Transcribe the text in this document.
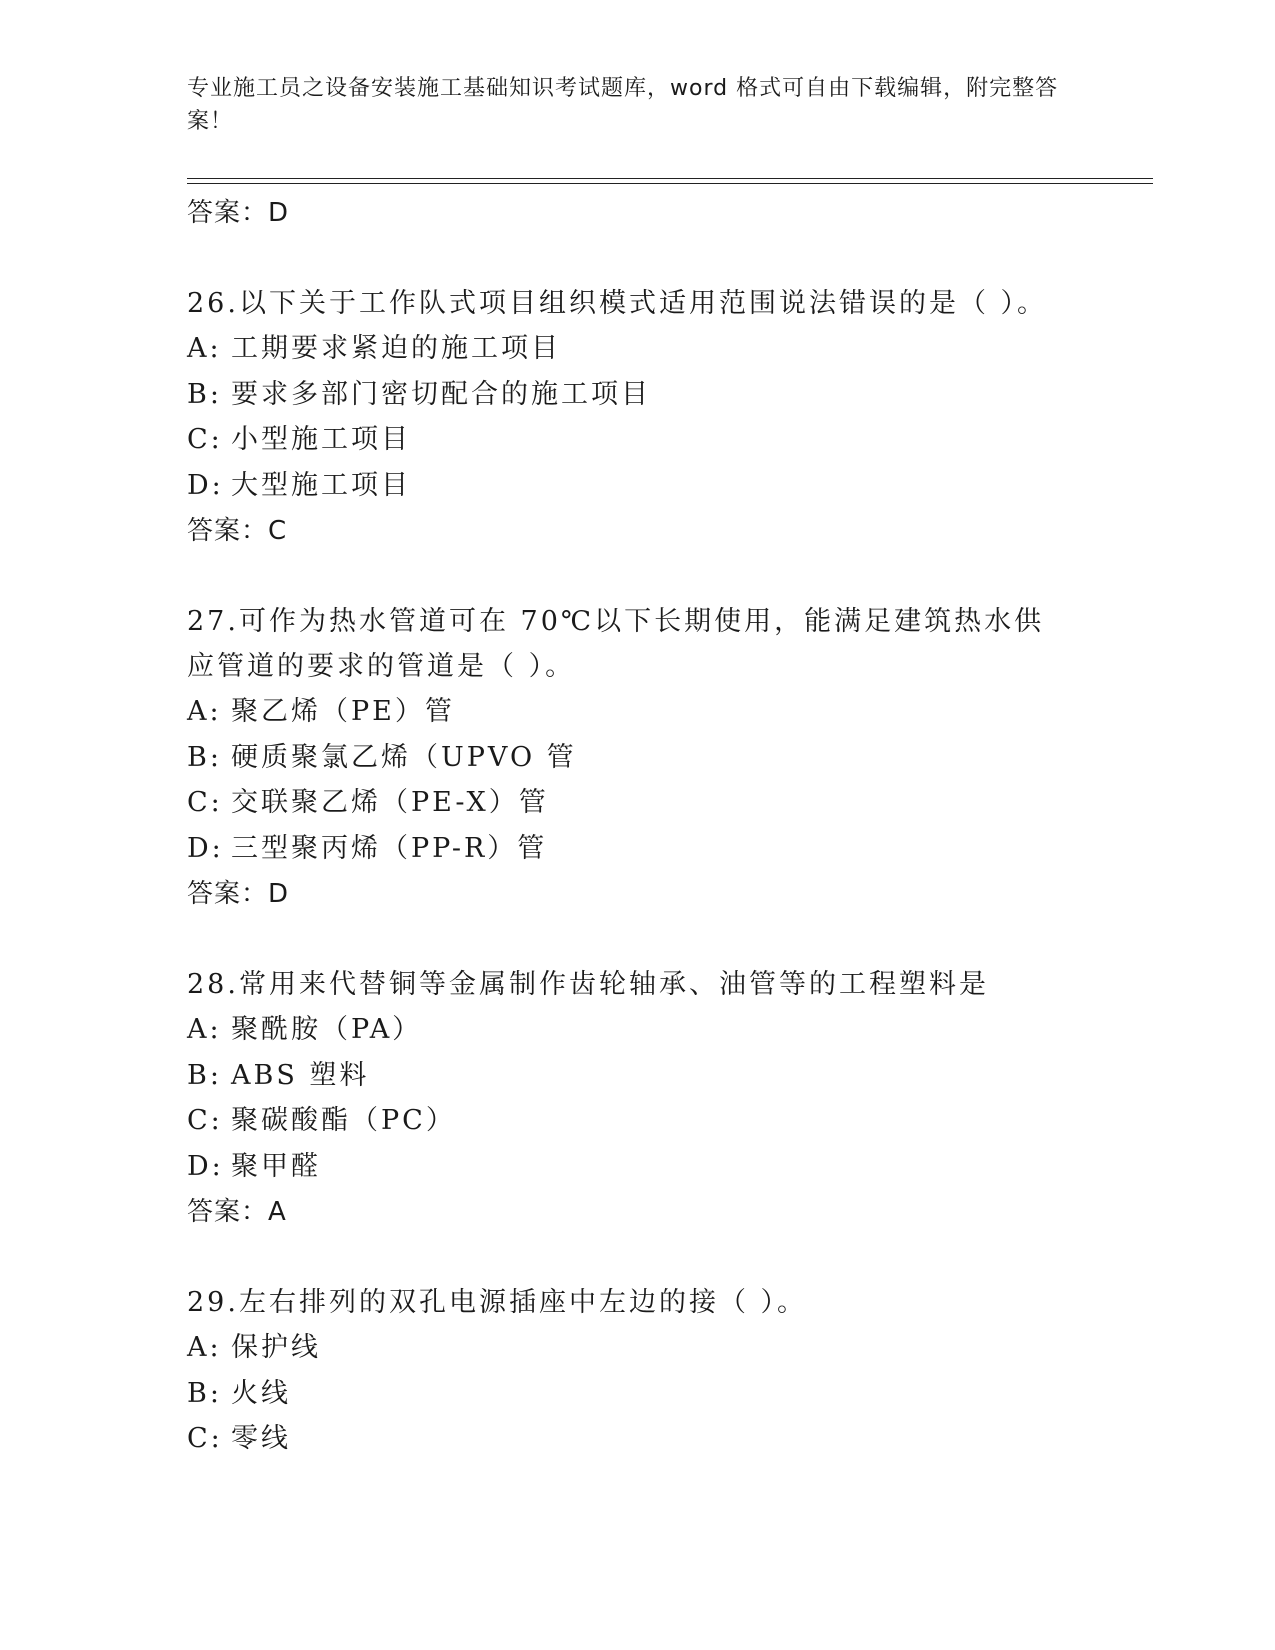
专业施工员之设备安装施工基础知识考试题库，word 格式可自由下载编辑，附完整答案！
答案：D
26.以下关于工作队式项目组织模式适用范围说法错误的是（ ）。
A: 工期要求紧迫的施工项目
B: 要求多部门密切配合的施工项目
C: 小型施工项目
D: 大型施工项目
答案：C
27.可作为热水管道可在 70℃以下长期使用，能满足建筑热水供应管道的要求的管道是（ ）。
A: 聚乙烯（PE）管
B: 硬质聚氯乙烯（UPVO 管
C: 交联聚乙烯（PE-X）管
D: 三型聚丙烯（PP-R）管
答案：D
28.常用来代替铜等金属制作齿轮轴承、油管等的工程塑料是
A: 聚酰胺（PA）
B: ABS 塑料
C: 聚碳酸酯（PC）
D: 聚甲醛
答案：A
29.左右排列的双孔电源插座中左边的接（ ）。
A: 保护线
B: 火线
C: 零线
